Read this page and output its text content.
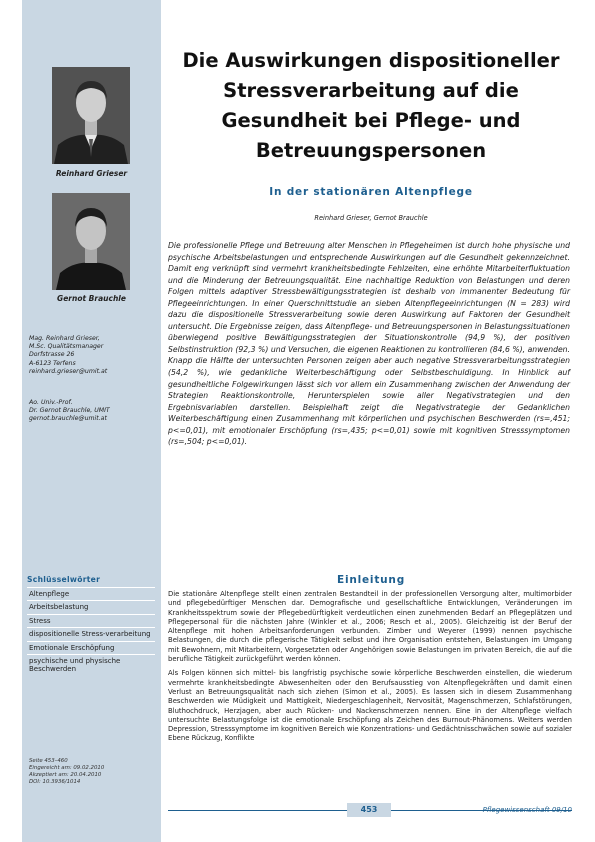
Reinhard Grieser
Gernot Brauchle
Mag. Reinhard Grieser,
M.Sc. Qualitätsmanager
Dorfstrasse 26
A-6123 Terfens
reinhard.grieser@umit.at
Ao. Univ.-Prof.
Dr. Gernot Brauchle, UMIT
gernot.brauchle@umit.at
Schlüsselwörter
Altenpflege
Arbeitsbelastung
Stress
dispositionelle Stress-verarbeitung
Emotionale Erschöpfung
psychische und physische Beschwerden
Seite 453–460
Eingereicht am: 09.02.2010
Akzeptiert am: 20.04.2010
DOI: 10.3936/1014
Die Auswirkungen dispositioneller Stressverarbeitung auf die Gesundheit bei Pflege- und Betreuungspersonen
In der stationären Altenpflege
Reinhard Grieser, Gernot Brauchle

Die professionelle Pflege und Betreuung alter Menschen in Pflegeheimen ist durch hohe physische und psychische Arbeitsbelastungen und entsprechende Auswirkungen auf die Gesundheit gekennzeichnet. Damit eng verknüpft sind vermehrt krankheitsbedingte Fehlzeiten, eine erhöhte Mitarbeiterfluktuation und die Minderung der Betreuungsqualität. Eine nachhaltige Reduktion von Belastungen und deren Folgen mittels adaptiver Stressbewältigungsstrategien ist deshalb von immanenter Bedeutung für Pflegeeinrichtungen. In einer Querschnittstudie an sieben Altenpflegeeinrichtungen (N = 283) wird dazu die dispositionelle Stressverarbeitung sowie deren Auswirkung auf Faktoren der Gesundheit untersucht. Die Ergebnisse zeigen, dass Altenpflege- und Betreuungspersonen in Belastungssituationen überwiegend positive Bewältigungsstrategien der Situationskontrolle (94,9 %), der positiven Selbstinstruktion (92,3 %) und Versuchen, die eigenen Reaktionen zu kontrollieren (84,6 %), anwenden. Knapp die Hälfte der untersuchten Personen zeigen aber auch negative Stressverarbeitungsstrategien (54,2 %), wie gedankliche Weiterbeschäftigung oder Selbstbeschuldigung. In Hinblick auf gesundheitliche Folgewirkungen lässt sich vor allem ein Zusammenhang zwischen der Anwendung der Strategien Reaktionskontrolle, Herunterspielen sowie aller Negativstrategien und den Ergebnisvariablen darstellen. Beispielhaft zeigt die Negativstrategie der Gedanklichen Weiterbeschäftigung einen Zusammenhang mit körperlichen und psychischen Beschwerden (rs=,451; p<=0,01), mit emotionaler Erschöpfung (rs=,435; p<=0,01) sowie mit kognitiven Stresssymptomen (rs=,504; p<=0,01).

Einleitung

Die stationäre Altenpflege stellt einen zentralen Bestandteil in der professionellen Versorgung alter, multimorbider und pflegebedürftiger Menschen dar. Demografische und gesellschaftliche Entwicklungen, Veränderungen im Krankheitsspektrum sowie der Pflegebedürftigkeit verdeutlichen einen zunehmenden Bedarf an Pflegeplätzen und Pflegepersonal für die nächsten Jahre (Winkler et al., 2006; Resch et al., 2005). Gleichzeitig ist der Beruf der Altenpflege mit hohen Arbeitsanforderungen verbunden. Zimber und Weyerer (1999) nennen psychische Belastungen, die durch die pflegerische Tätigkeit selbst und ihre Organisation entstehen, Belastungen im Umgang mit Bewohnern, mit Mitarbeitern, Vorgesetzten oder Angehörigen sowie Belastungen im privaten Bereich, die auf die berufliche Tätigkeit zurückgeführt werden können.

Als Folgen können sich mittel- bis langfristig psychische sowie körperliche Beschwerden einstellen, die wiederum vermehrte krankheitsbedingte Abwesenheiten oder den Berufsausstieg von Altenpflegekräften und damit einen Verlust an Betreuungsqualität nach sich ziehen (Simon et al., 2005). Es lassen sich in diesem Zusammenhang Beschwerden wie Müdigkeit und Mattigkeit, Niedergeschlagenheit, Nervosität, Magenschmerzen, Schlafstörungen, Bluthochdruck, Herzjagen, aber auch Rücken- und Nackenschmerzen nennen. Eine in der Altenpflege vielfach untersuchte Belastungsfolge ist die emotionale Erschöpfung als Zeichen des Burnout-Phänomens. Weiters werden Depression, Stresssymptome im kognitiven Bereich wie Konzentrations- und Gedächtnisschwächen sowie auf sozialer Ebene Rückzug, Konflikte

453	Pflegewissenschaft 09/10
